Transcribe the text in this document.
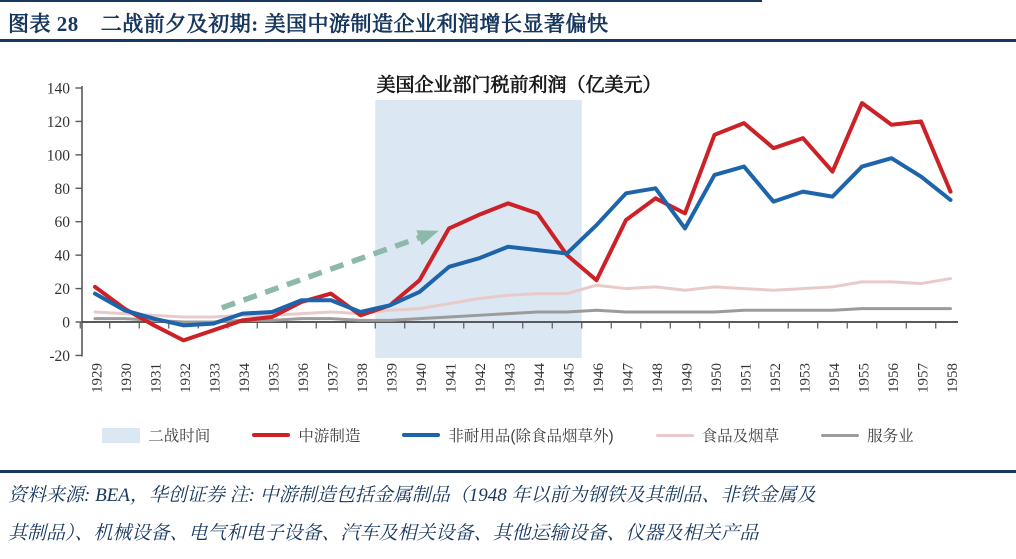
图表 28 二战前夕及初期: 美国中游制造企业利润增长显著偏快
-20
0
20
40
60
80
100
120
140
1929 1930 1931 1932 1933 1934 1935 1936 1937 1938 1939 1940 1941 1942 1943 1944 1945 1946 1947 1948 1949 1950 1951 1952 1953 1954 1955 1956 1957 1958
美国企业部门税前利润（亿美元）
二战时间	中游制造	非耐用品(除食品烟草外)	食品及烟草	服务业
资料来源: BEA，华创证券 注: 中游制造包括金属制品（1948 年以前为钢铁及其制品、非铁金属及
其制品）、机械设备、电气和电子设备、汽车及相关设备、其他运输设备、仪器及相关产品
